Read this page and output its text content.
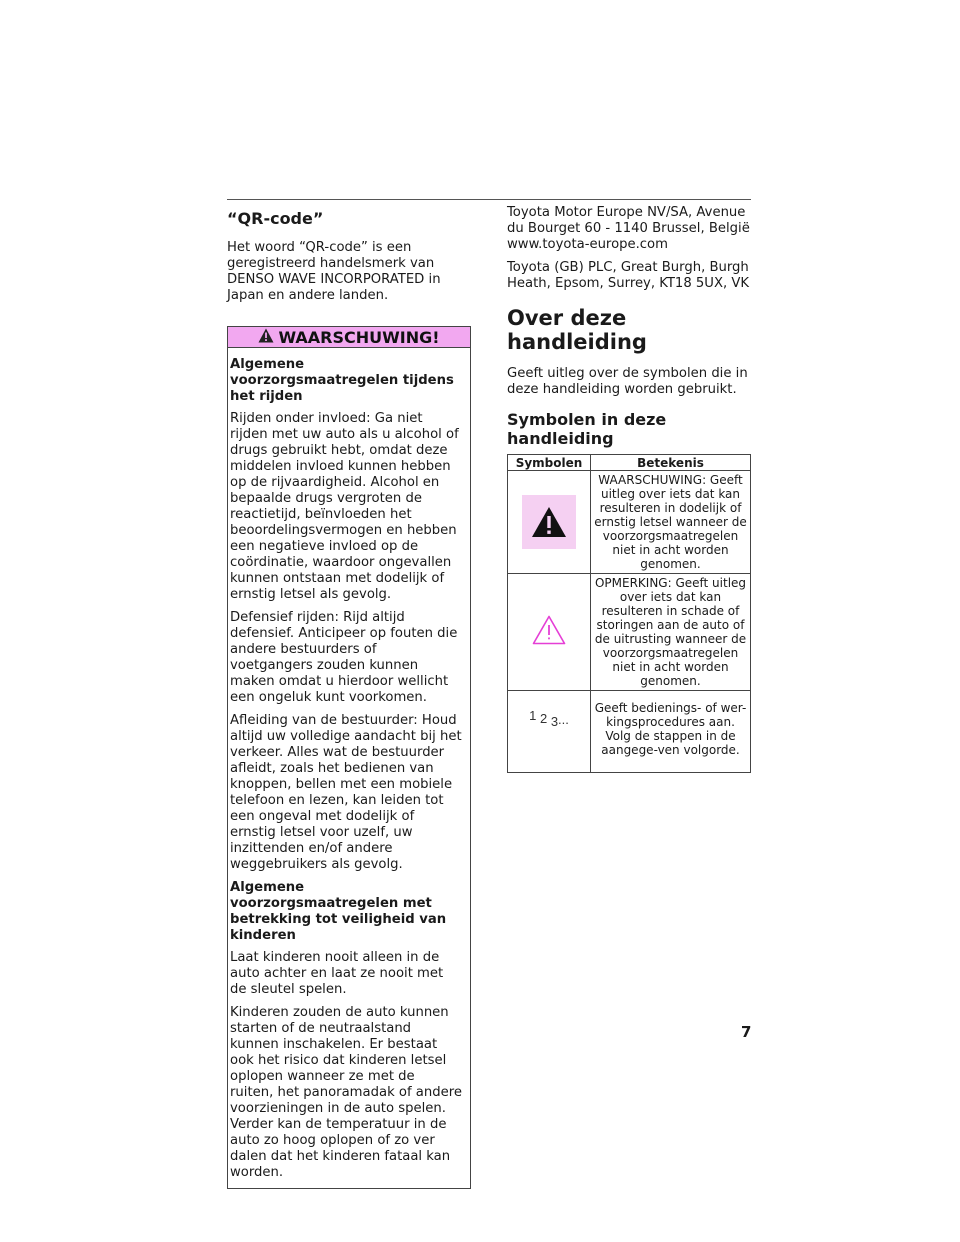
“QR-code”

Het woord “QR-code” is een geregistreerd handelsmerk van DENSO WAVE INCORPORATED in Japan en andere landen.

WAARSCHUWING!
Algemene voorzorgsmaatregelen tijdens het rijden

Rijden onder invloed: Ga niet rijden met uw auto als u alcohol of drugs gebruikt hebt, omdat deze middelen invloed kunnen hebben op de rijvaardigheid. Alcohol en bepaalde drugs vergroten de reactietijd, beïnvloeden het beoordelingsvermogen en hebben een negatieve invloed op de coördinatie, waardoor ongevallen kunnen ontstaan met dodelijk of ernstig letsel als gevolg.

Defensief rijden: Rijd altijd defensief. Anticipeer op fouten die andere bestuurders of voetgangers zouden kunnen maken omdat u hierdoor wellicht een ongeluk kunt voorkomen.

Afleiding van de bestuurder: Houd altijd uw volledige aandacht bij het verkeer. Alles wat de bestuurder afleidt, zoals het bedienen van knoppen, bellen met een mobiele telefoon en lezen, kan leiden tot een ongeval met dodelijk of ernstig letsel voor uzelf, uw inzittenden en/of andere weggebruikers als gevolg.

Algemene voorzorgsmaatregelen met betrekking tot veiligheid van kinderen

Laat kinderen nooit alleen in de auto achter en laat ze nooit met de sleutel spelen.

Kinderen zouden de auto kunnen starten of de neutraalstand kunnen inschakelen. Er bestaat ook het risico dat kinderen letsel oplopen wanneer ze met de ruiten, het panoramadak of andere voorzieningen in de auto spelen. Verder kan de temperatuur in de auto zo hoog oplopen of zo ver dalen dat het kinderen fataal kan worden.

Toyota Motor Europe NV/SA, Avenue du Bourget 60 - 1140 Brussel, België www.toyota-europe.com

Toyota (GB) PLC, Great Burgh, Burgh Heath, Epsom, Surrey, KT18 5UX, VK

Over deze handleiding

Geeft uitleg over de symbolen die in deze handleiding worden gebruikt.

Symbolen in deze handleiding
Symbolen	Betekenis

	WAARSCHUWING: Geeft uitleg over iets dat kan resulteren in dodelijk of ernstig letsel wanneer de voorzorgsmaatregelen niet in acht worden genomen.
	OPMERKING: Geeft uitleg over iets dat kan resulteren in schade of storingen aan de auto of de uitrusting wanneer de voorzorgsmaatregelen niet in acht worden genomen.
1 2 3...	Geeft bedienings- of wer-kingsprocedures aan. Volg de stappen in de aangege-ven volgorde.
7
